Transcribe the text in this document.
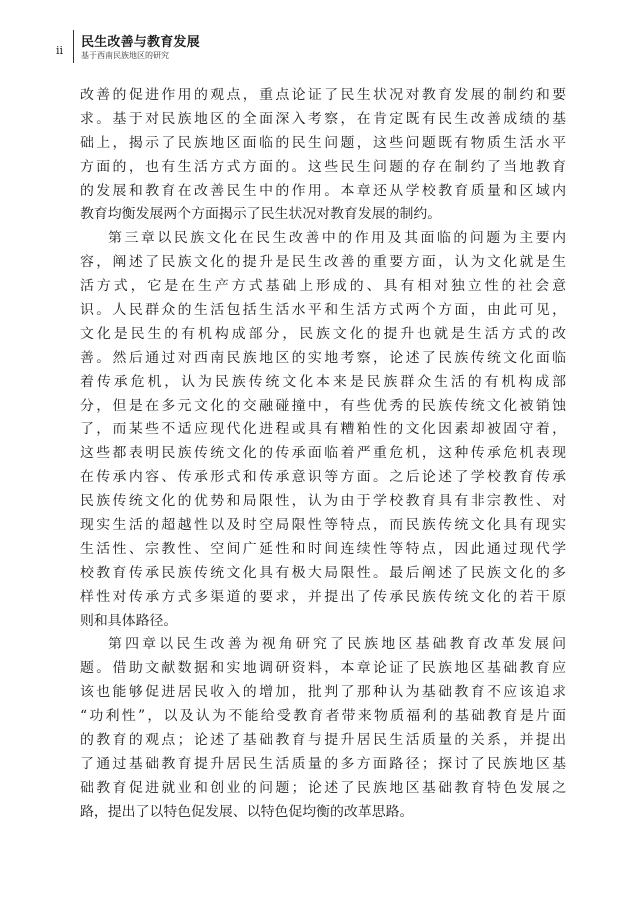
ii
民生改善与教育发展
基于西南民族地区的研究
改善的促进作用的观点，重点论证了民生状况对教育发展的制约和要
求。基于对民族地区的全面深入考察，在肯定既有民生改善成绩的基
础上，揭示了民族地区面临的民生问题，这些问题既有物质生活水平
方面的，也有生活方式方面的。这些民生问题的存在制约了当地教育
的发展和教育在改善民生中的作用。本章还从学校教育质量和区域内
教育均衡发展两个方面揭示了民生状况对教育发展的制约。
第三章以民族文化在民生改善中的作用及其面临的问题为主要内
容，阐述了民族文化的提升是民生改善的重要方面，认为文化就是生
活方式，它是在生产方式基础上形成的、具有相对独立性的社会意
识。人民群众的生活包括生活水平和生活方式两个方面，由此可见，
文化是民生的有机构成部分，民族文化的提升也就是生活方式的改
善。然后通过对西南民族地区的实地考察，论述了民族传统文化面临
着传承危机，认为民族传统文化本来是民族群众生活的有机构成部
分，但是在多元文化的交融碰撞中，有些优秀的民族传统文化被销蚀
了，而某些不适应现代化进程或具有糟粕性的文化因素却被固守着，
这些都表明民族传统文化的传承面临着严重危机，这种传承危机表现
在传承内容、传承形式和传承意识等方面。之后论述了学校教育传承
民族传统文化的优势和局限性，认为由于学校教育具有非宗教性、对
现实生活的超越性以及时空局限性等特点，而民族传统文化具有现实
生活性、宗教性、空间广延性和时间连续性等特点，因此通过现代学
校教育传承民族传统文化具有极大局限性。最后阐述了民族文化的多
样性对传承方式多渠道的要求，并提出了传承民族传统文化的若干原
则和具体路径。
第四章以民生改善为视角研究了民族地区基础教育改革发展问
题。借助文献数据和实地调研资料，本章论证了民族地区基础教育应
该也能够促进居民收入的增加，批判了那种认为基础教育不应该追求
“功利性”，以及认为不能给受教育者带来物质福利的基础教育是片面
的教育的观点；论述了基础教育与提升居民生活质量的关系，并提出
了通过基础教育提升居民生活质量的多方面路径；探讨了民族地区基
础教育促进就业和创业的问题；论述了民族地区基础教育特色发展之
路，提出了以特色促发展、以特色促均衡的改革思路。
